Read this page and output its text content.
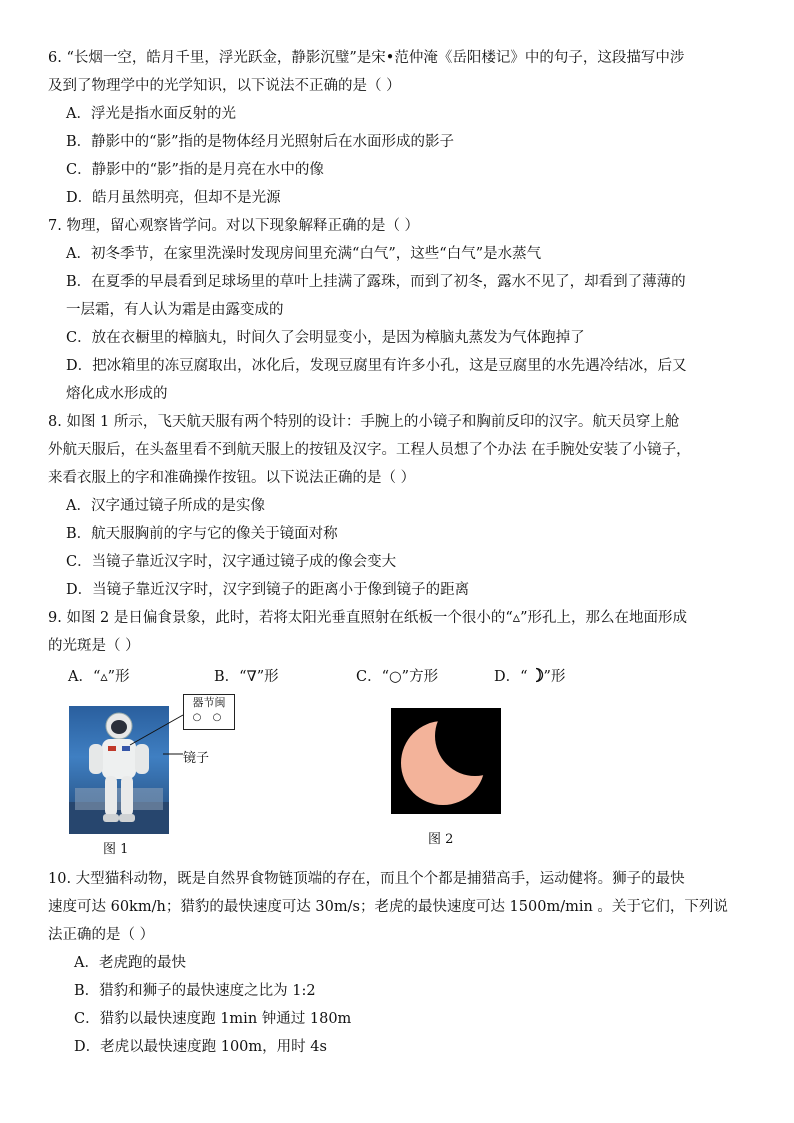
6. “长烟一空，皓月千里，浮光跃金，静影沉璧”是宋•范仲淹《岳阳楼记》中的句子，这段描写中涉
及到了物理学中的光学知识，以下说法不正确的是（ ）
A．浮光是指水面反射的光
B．静影中的“影”指的是物体经月光照射后在水面形成的影子
C．静影中的“影”指的是月亮在水中的像
D．皓月虽然明亮，但却不是光源
7. 物理，留心观察皆学问。对以下现象解释正确的是（ ）
A．初冬季节，在家里洗澡时发现房间里充满“白气”，这些“白气”是水蒸气
B．在夏季的早晨看到足球场里的草叶上挂满了露珠，而到了初冬，露水不见了，却看到了薄薄的
一层霜，有人认为霜是由露变成的
C．放在衣橱里的樟脑丸，时间久了会明显变小，是因为樟脑丸蒸发为气体跑掉了
D．把冰箱里的冻豆腐取出，冰化后，发现豆腐里有许多小孔，这是豆腐里的水先遇冷结冰，后又
熔化成水形成的
8. 如图 1 所示，飞天航天服有两个特别的设计：手腕上的小镜子和胸前反印的汉字。航天员穿上舱
外航天服后，在头盔里看不到航天服上的按钮及汉字。工程人员想了个办法 在手腕处安装了小镜子，
来看衣服上的字和准确操作按钮。以下说法正确的是（ ）
A．汉字通过镜子所成的是实像
B．航天服胸前的字与它的像关于镜面对称
C．当镜子靠近汉字时，汉字通过镜子成的像会变大
D．当镜子靠近汉字时，汉字到镜子的距离小于像到镜子的距离
9. 如图 2 是日偏食景象，此时，若将太阳光垂直照射在纸板一个很小的“▵”形孔上，那么在地面形成
的光斑是（ ）
A．“▵”形	B．“∇”形	C．“○”方形	D．“ ”形
器节闽
○ ○
镜子
图 1
图 2
10. 大型猫科动物，既是自然界食物链顶端的存在，而且个个都是捕猎高手，运动健将。狮子的最快
速度可达 60km/h；猎豹的最快速度可达 30m/s；老虎的最快速度可达 1500m/min 。关于它们，下列说
法正确的是（ ）
A．老虎跑的最快
B．猎豹和狮子的最快速度之比为 1:2
C．猎豹以最快速度跑 1min 钟通过 180m
D．老虎以最快速度跑 100m，用时 4s
